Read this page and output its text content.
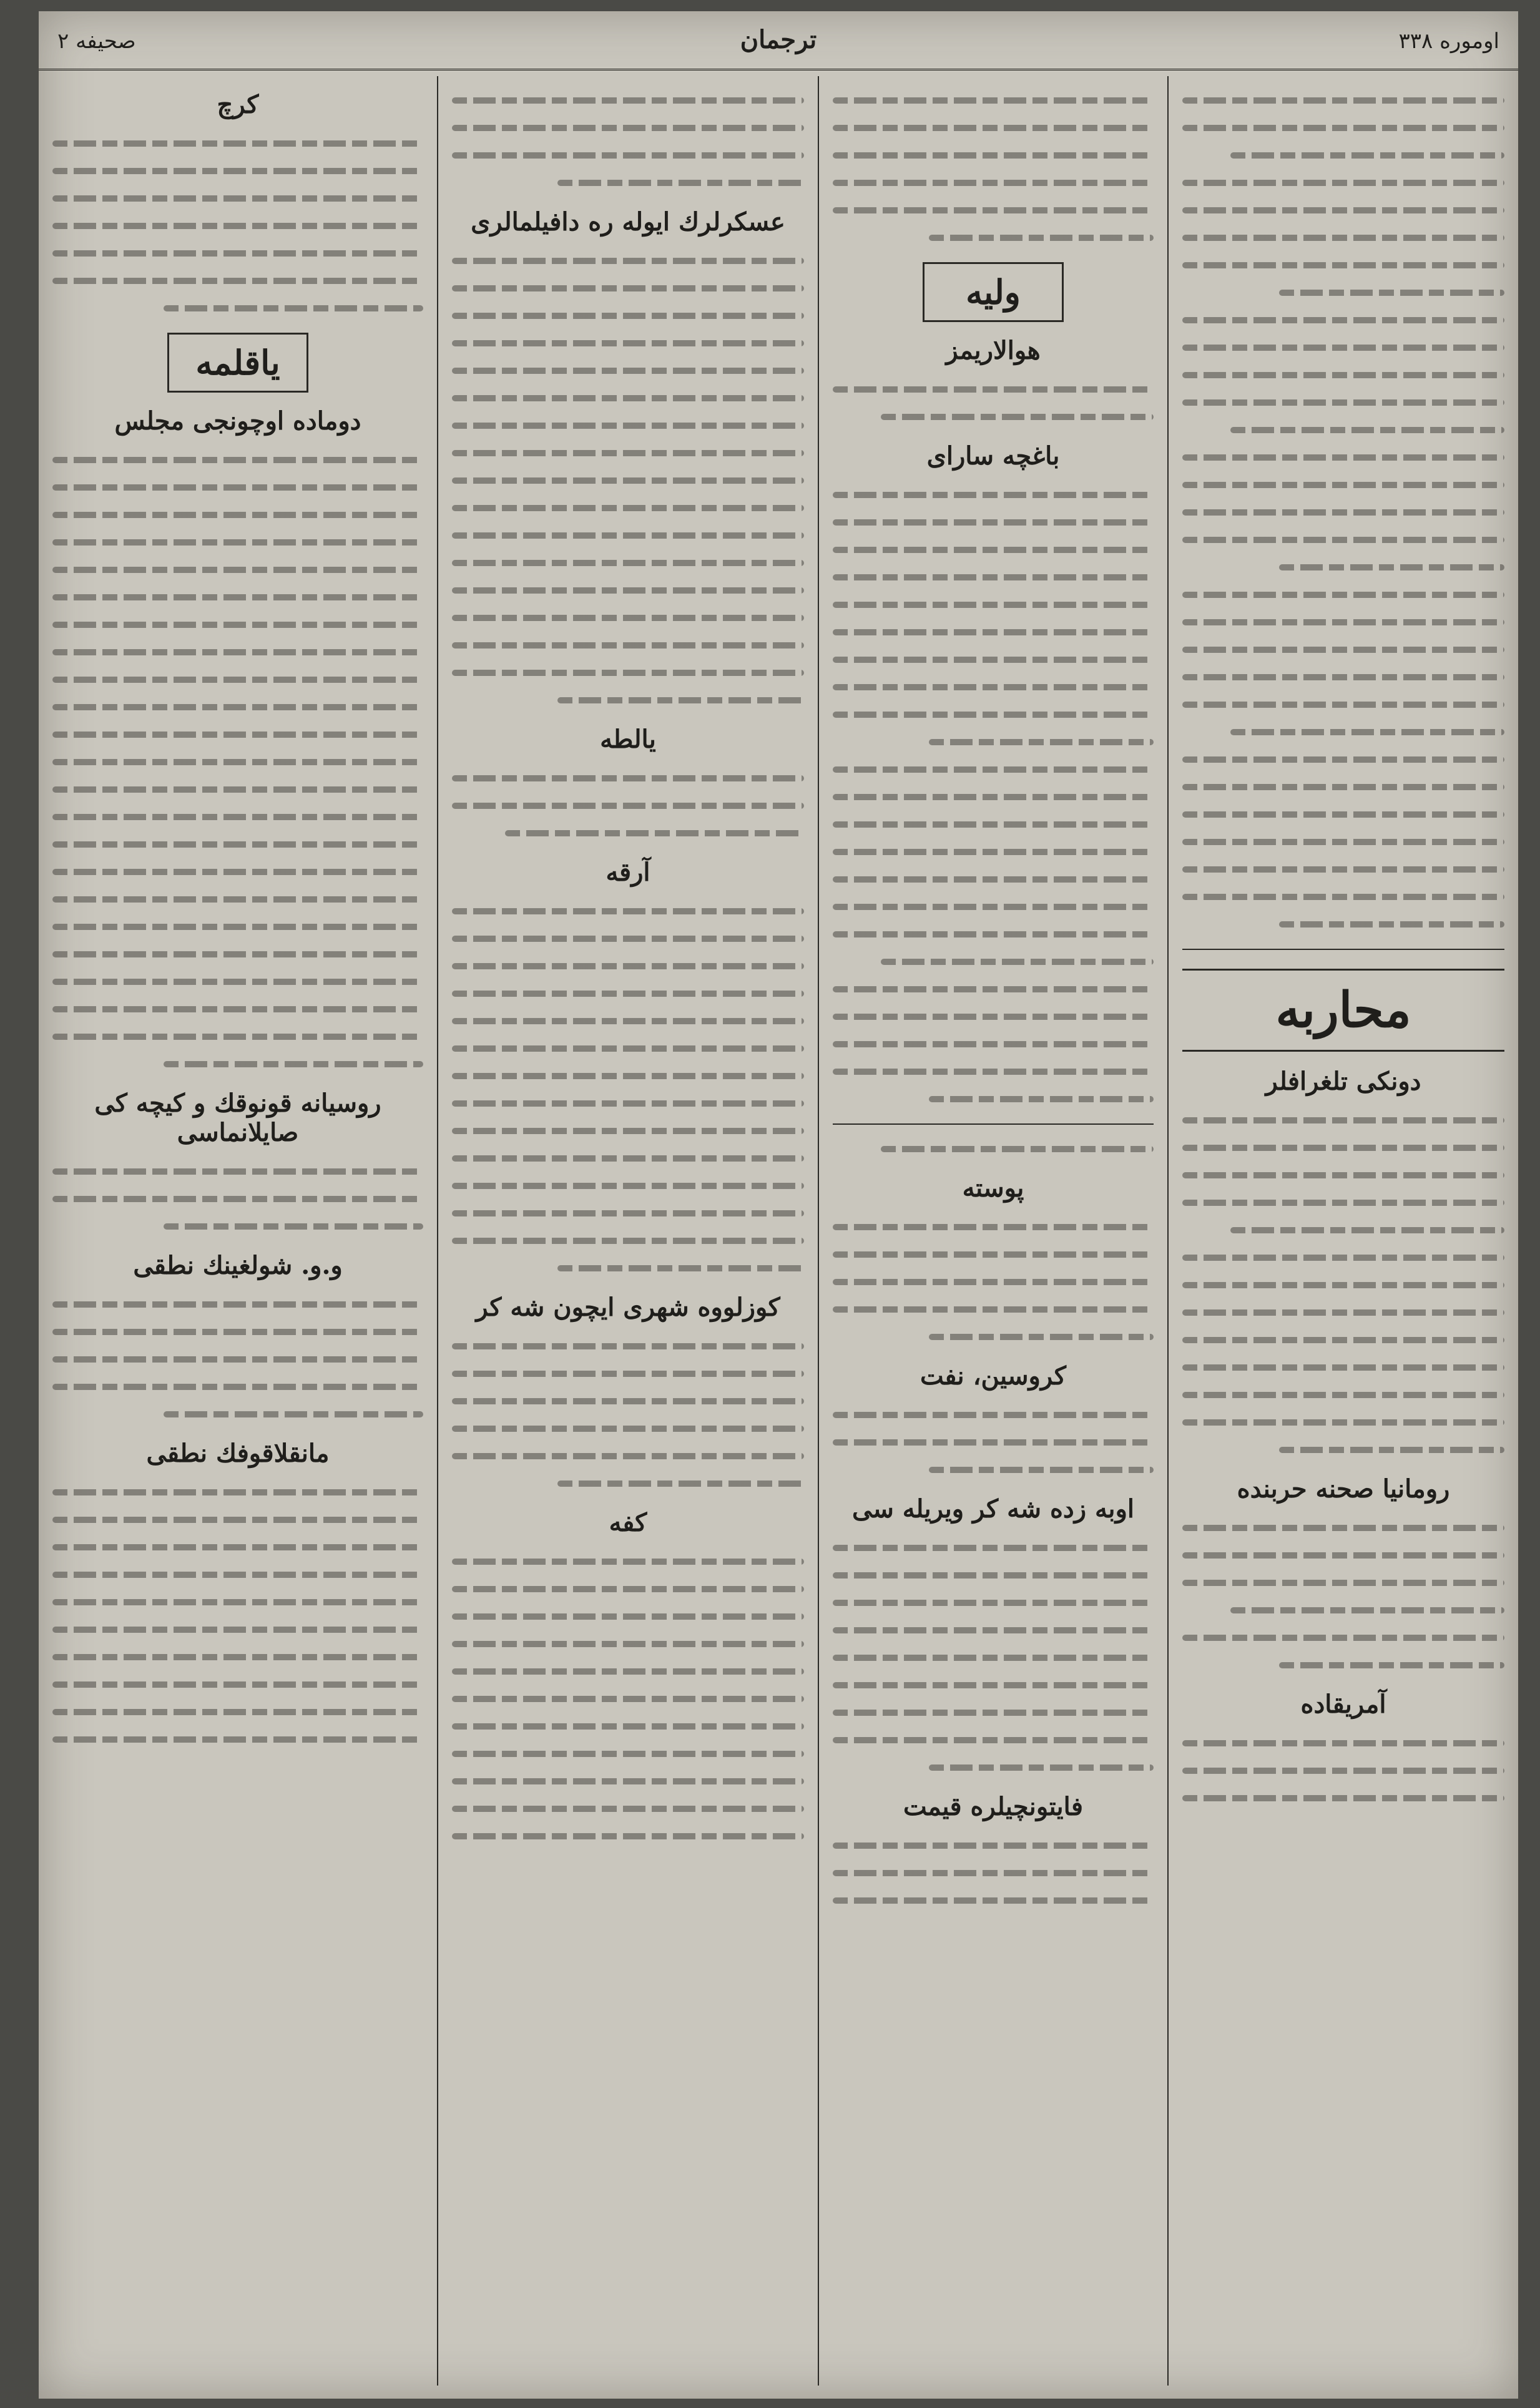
اوموره ۳۳۸
ترجمان
صحیفه ۲
محاربه
دونکی تلغرافلر
رومانیا صحنه حربنده
آمریقاده
ولیه
هوالاریمز
باغچه سارای
پوسته
کروسین، نفت
اوبه زده شه کر ویریله سی
فایتونچیلره قیمت
عسکرلرك ایوله ره دافیلمالری
یالطه
آرقه
کوزلووه شهری ایچون شه کر
کفه
کرچ
یاقلمه
دوماده اوچونجی مجلس
روسیانه قونوقك و کیچه کی صایلانماسی
و.و. شولغینك نطقی
مانقلاقوفك نطقی
